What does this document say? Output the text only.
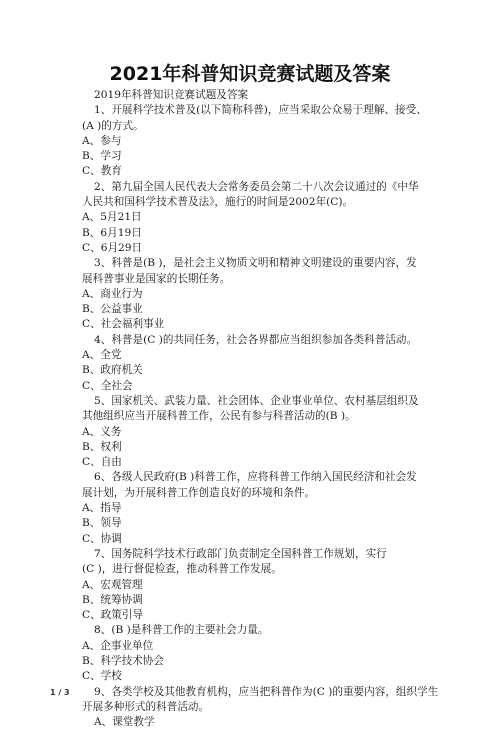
2021年科普知识竞赛试题及答案
2019年科普知识竞赛试题及答案
1、开展科学技术普及(以下简称科普)，应当采取公众易于理解、接受、
(A )的方式。
A、参与
B、学习
C、教育
2、第九届全国人民代表大会常务委员会第二十八次会议通过的《中华
人民共和国科学技术普及法》，施行的时间是2002年(C)。
A、5月21日
B、6月19日
C、6月29日
3、科普是(B )，是社会主义物质文明和精神文明建设的重要内容，发
展科普事业是国家的长期任务。
A、商业行为
B、公益事业
C、社会福利事业
4、科普是(C )的共同任务，社会各界都应当组织参加各类科普活动。
A、全党
B、政府机关
C、全社会
5、国家机关、武装力量、社会团体、企业事业单位、农村基层组织及
其他组织应当开展科普工作，公民有参与科普活动的(B )。
A、义务
B、权利
C、自由
6、各级人民政府(B )科普工作，应将科普工作纳入国民经济和社会发
展计划，为开展科普工作创造良好的环境和条件。
A、指导
B、领导
C、协调
7、国务院科学技术行政部门负责制定全国科普工作规划，实行
(C )，进行督促检查，推动科普工作发展。
A、宏观管理
B、统筹协调
C、政策引导
8、(B )是科普工作的主要社会力量。
A、企事业单位
B、科学技术协会
C、学校
9、各类学校及其他教育机构，应当把科普作为(C )的重要内容，组织学生
开展多种形式的科普活动。
A、课堂教学
1 / 3
